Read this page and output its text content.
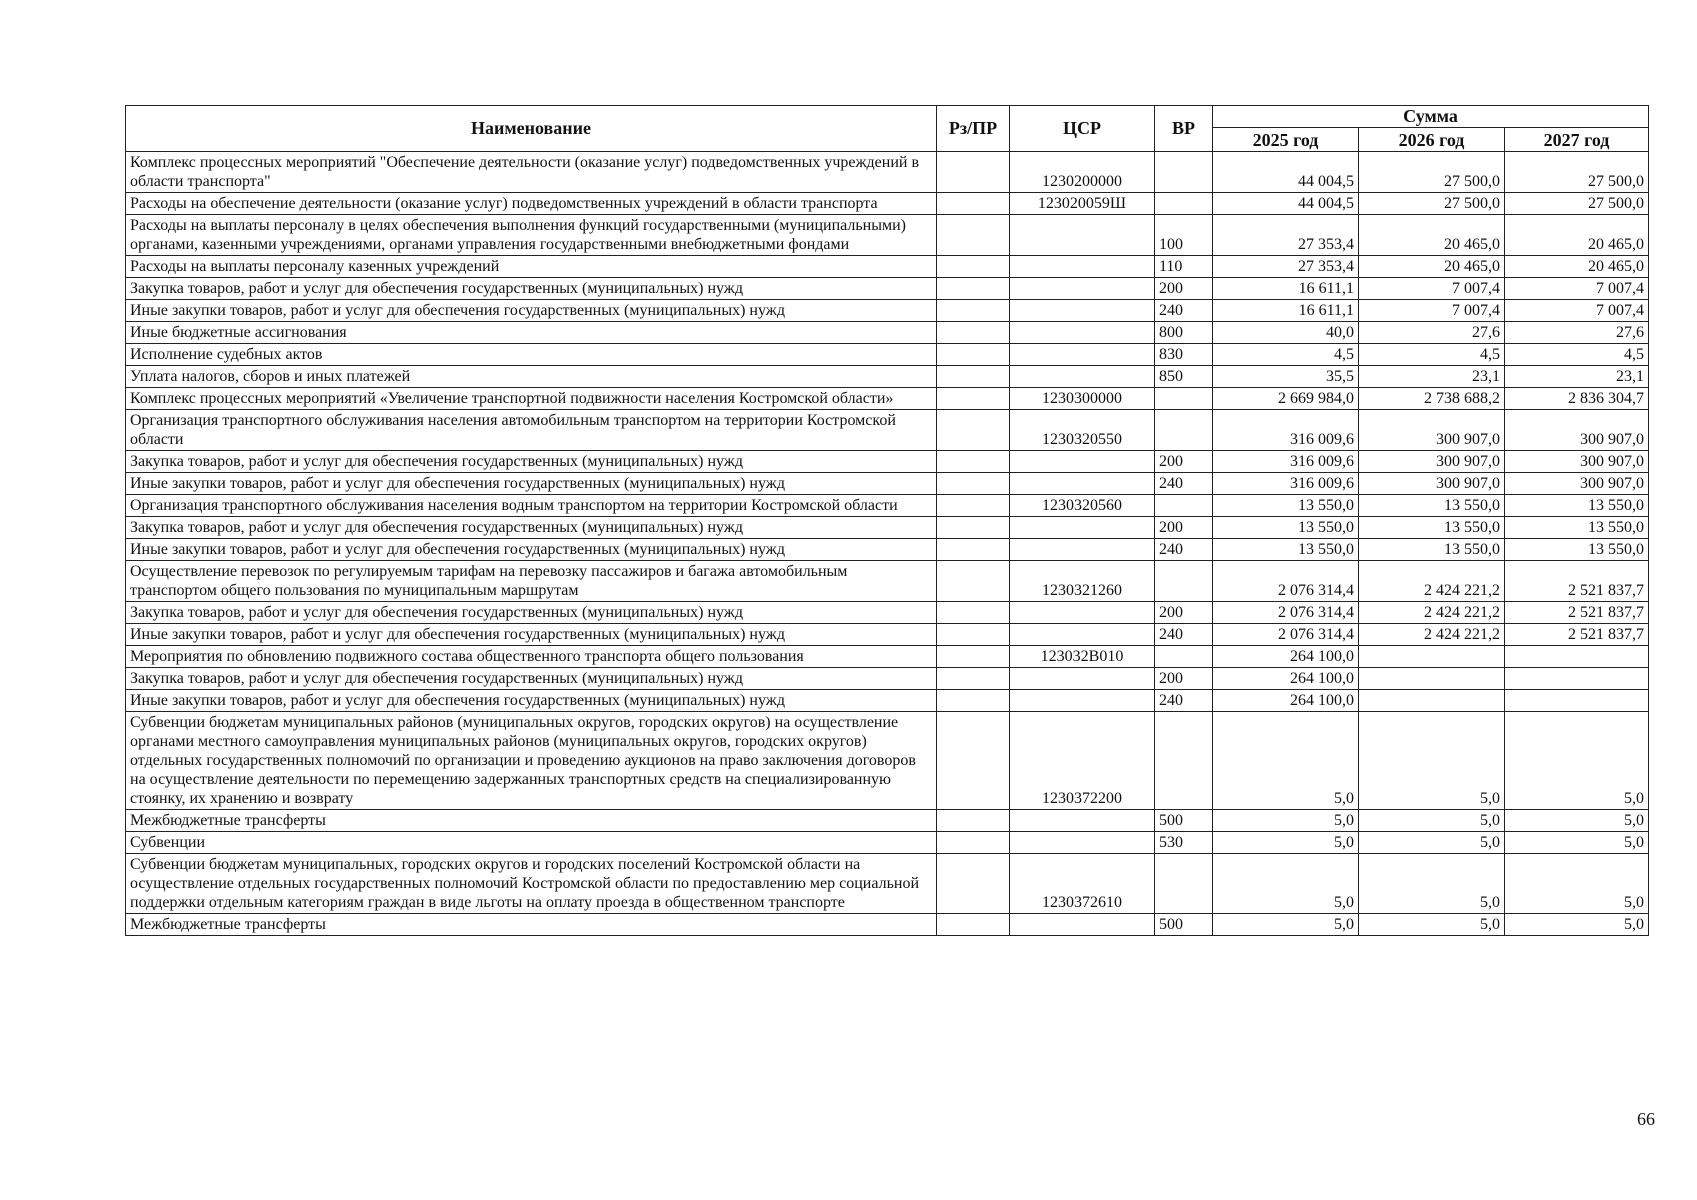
Наименование	Рз/ПР	ЦСР	ВР	Сумма		
				2025 год	2026 год	2027 год
Комплекс процессных мероприятий "Обеспечение деятельности (оказание услуг) подведомственных учреждений в области транспорта"		1230200000		44 004,5	27 500,0	27 500,0
Расходы на обеспечение деятельности (оказание услуг) подведомственных учреждений в области транспорта		123020059Ш		44 004,5	27 500,0	27 500,0
Расходы на выплаты персоналу в целях обеспечения выполнения функций государственными (муниципальными) органами, казенными учреждениями, органами управления государственными внебюджетными фондами			100	27 353,4	20 465,0	20 465,0
Расходы на выплаты персоналу казенных учреждений			110	27 353,4	20 465,0	20 465,0
Закупка товаров, работ и услуг для обеспечения государственных (муниципальных) нужд			200	16 611,1	7 007,4	7 007,4
Иные закупки товаров, работ и услуг для обеспечения государственных (муниципальных) нужд			240	16 611,1	7 007,4	7 007,4
Иные бюджетные ассигнования			800	40,0	27,6	27,6
Исполнение судебных актов			830	4,5	4,5	4,5
Уплата налогов, сборов и иных платежей			850	35,5	23,1	23,1
Комплекс процессных мероприятий «Увеличение транспортной подвижности населения Костромской области»		1230300000		2 669 984,0	2 738 688,2	2 836 304,7
Организация транспортного обслуживания населения автомобильным транспортом на территории Костромской области		1230320550		316 009,6	300 907,0	300 907,0
Закупка товаров, работ и услуг для обеспечения государственных (муниципальных) нужд			200	316 009,6	300 907,0	300 907,0
Иные закупки товаров, работ и услуг для обеспечения государственных (муниципальных) нужд			240	316 009,6	300 907,0	300 907,0
Организация транспортного обслуживания населения водным транспортом на территории Костромской области		1230320560		13 550,0	13 550,0	13 550,0
Закупка товаров, работ и услуг для обеспечения государственных (муниципальных) нужд			200	13 550,0	13 550,0	13 550,0
Иные закупки товаров, работ и услуг для обеспечения государственных (муниципальных) нужд			240	13 550,0	13 550,0	13 550,0
Осуществление перевозок по регулируемым тарифам на перевозку пассажиров и багажа автомобильным транспортом общего пользования по муниципальным маршрутам		1230321260		2 076 314,4	2 424 221,2	2 521 837,7
Закупка товаров, работ и услуг для обеспечения государственных (муниципальных) нужд			200	2 076 314,4	2 424 221,2	2 521 837,7
Иные закупки товаров, работ и услуг для обеспечения государственных (муниципальных) нужд			240	2 076 314,4	2 424 221,2	2 521 837,7
Мероприятия по обновлению подвижного состава общественного транспорта общего пользования		123032В010		264 100,0		
Закупка товаров, работ и услуг для обеспечения государственных (муниципальных) нужд			200	264 100,0		
Иные закупки товаров, работ и услуг для обеспечения государственных (муниципальных) нужд			240	264 100,0		
Субвенции бюджетам муниципальных районов (муниципальных округов, городских округов) на осуществление органами местного самоуправления муниципальных районов (муниципальных округов, городских округов) отдельных государственных полномочий по организации и проведению аукционов на право заключения договоров на осуществление деятельности по перемещению задержанных транспортных средств на специализированную стоянку, их хранению и возврату		1230372200		5,0	5,0	5,0
Межбюджетные трансферты			500	5,0	5,0	5,0
Субвенции			530	5,0	5,0	5,0
Субвенции бюджетам муниципальных, городских округов и городских поселений Костромской области на осуществление отдельных государственных полномочий Костромской области по предоставлению мер социальной поддержки отдельным категориям граждан в виде льготы на оплату проезда в общественном транспорте		1230372610		5,0	5,0	5,0
Межбюджетные трансферты			500	5,0	5,0	5,0
66
